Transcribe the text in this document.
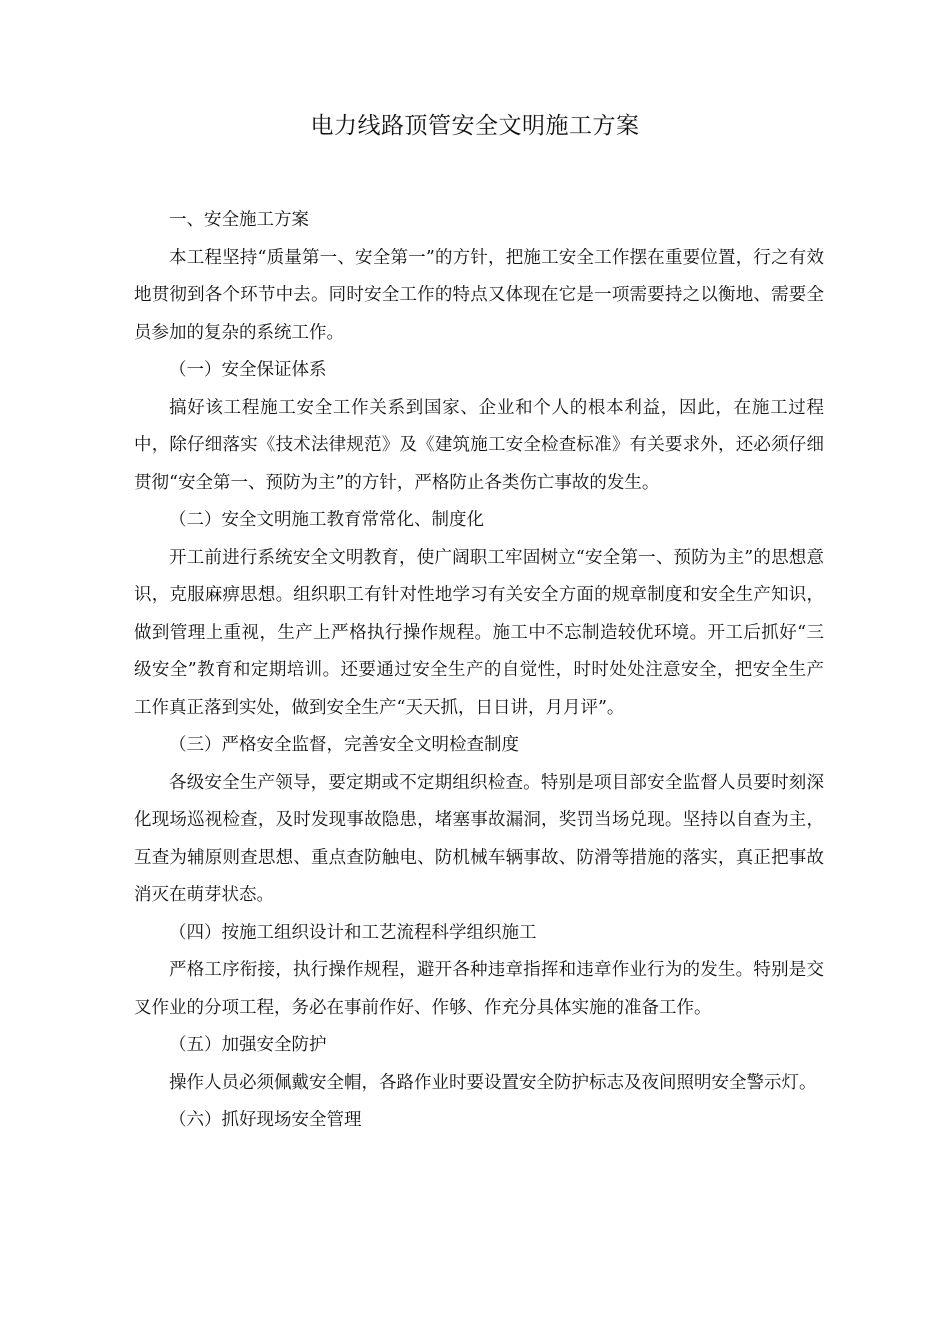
电力线路顶管安全文明施工方案

一、安全施工方案

本工程坚持“质量第一、安全第一”的方针，把施工安全工作摆在重要位置，行之有效地贯彻到各个环节中去。同时安全工作的特点又体现在它是一项需要持之以衡地、需要全员参加的复杂的系统工作。

（一）安全保证体系

搞好该工程施工安全工作关系到国家、企业和个人的根本利益，因此，在施工过程中，除仔细落实《技术法律规范》及《建筑施工安全检查标准》有关要求外，还必须仔细贯彻“安全第一、预防为主”的方针，严格防止各类伤亡事故的发生。

（二）安全文明施工教育常常化、制度化

开工前进行系统安全文明教育，使广阔职工牢固树立“安全第一、预防为主”的思想意识，克服麻痹思想。组织职工有针对性地学习有关安全方面的规章制度和安全生产知识，做到管理上重视，生产上严格执行操作规程。施工中不忘制造较优环境。开工后抓好“三级安全”教育和定期培训。还要通过安全生产的自觉性，时时处处注意安全，把安全生产工作真正落到实处，做到安全生产“天天抓，日日讲，月月评”。

（三）严格安全监督，完善安全文明检查制度

各级安全生产领导，要定期或不定期组织检查。特别是项目部安全监督人员要时刻深化现场巡视检查，及时发现事故隐患，堵塞事故漏洞，奖罚当场兑现。坚持以自查为主，互查为辅原则查思想、重点查防触电、防机械车辆事故、防滑等措施的落实，真正把事故消灭在萌芽状态。

（四）按施工组织设计和工艺流程科学组织施工

严格工序衔接，执行操作规程，避开各种违章指挥和违章作业行为的发生。特别是交叉作业的分项工程，务必在事前作好、作够、作充分具体实施的准备工作。

（五）加强安全防护

操作人员必须佩戴安全帽，各路作业时要设置安全防护标志及夜间照明安全警示灯。

（六）抓好现场安全管理
